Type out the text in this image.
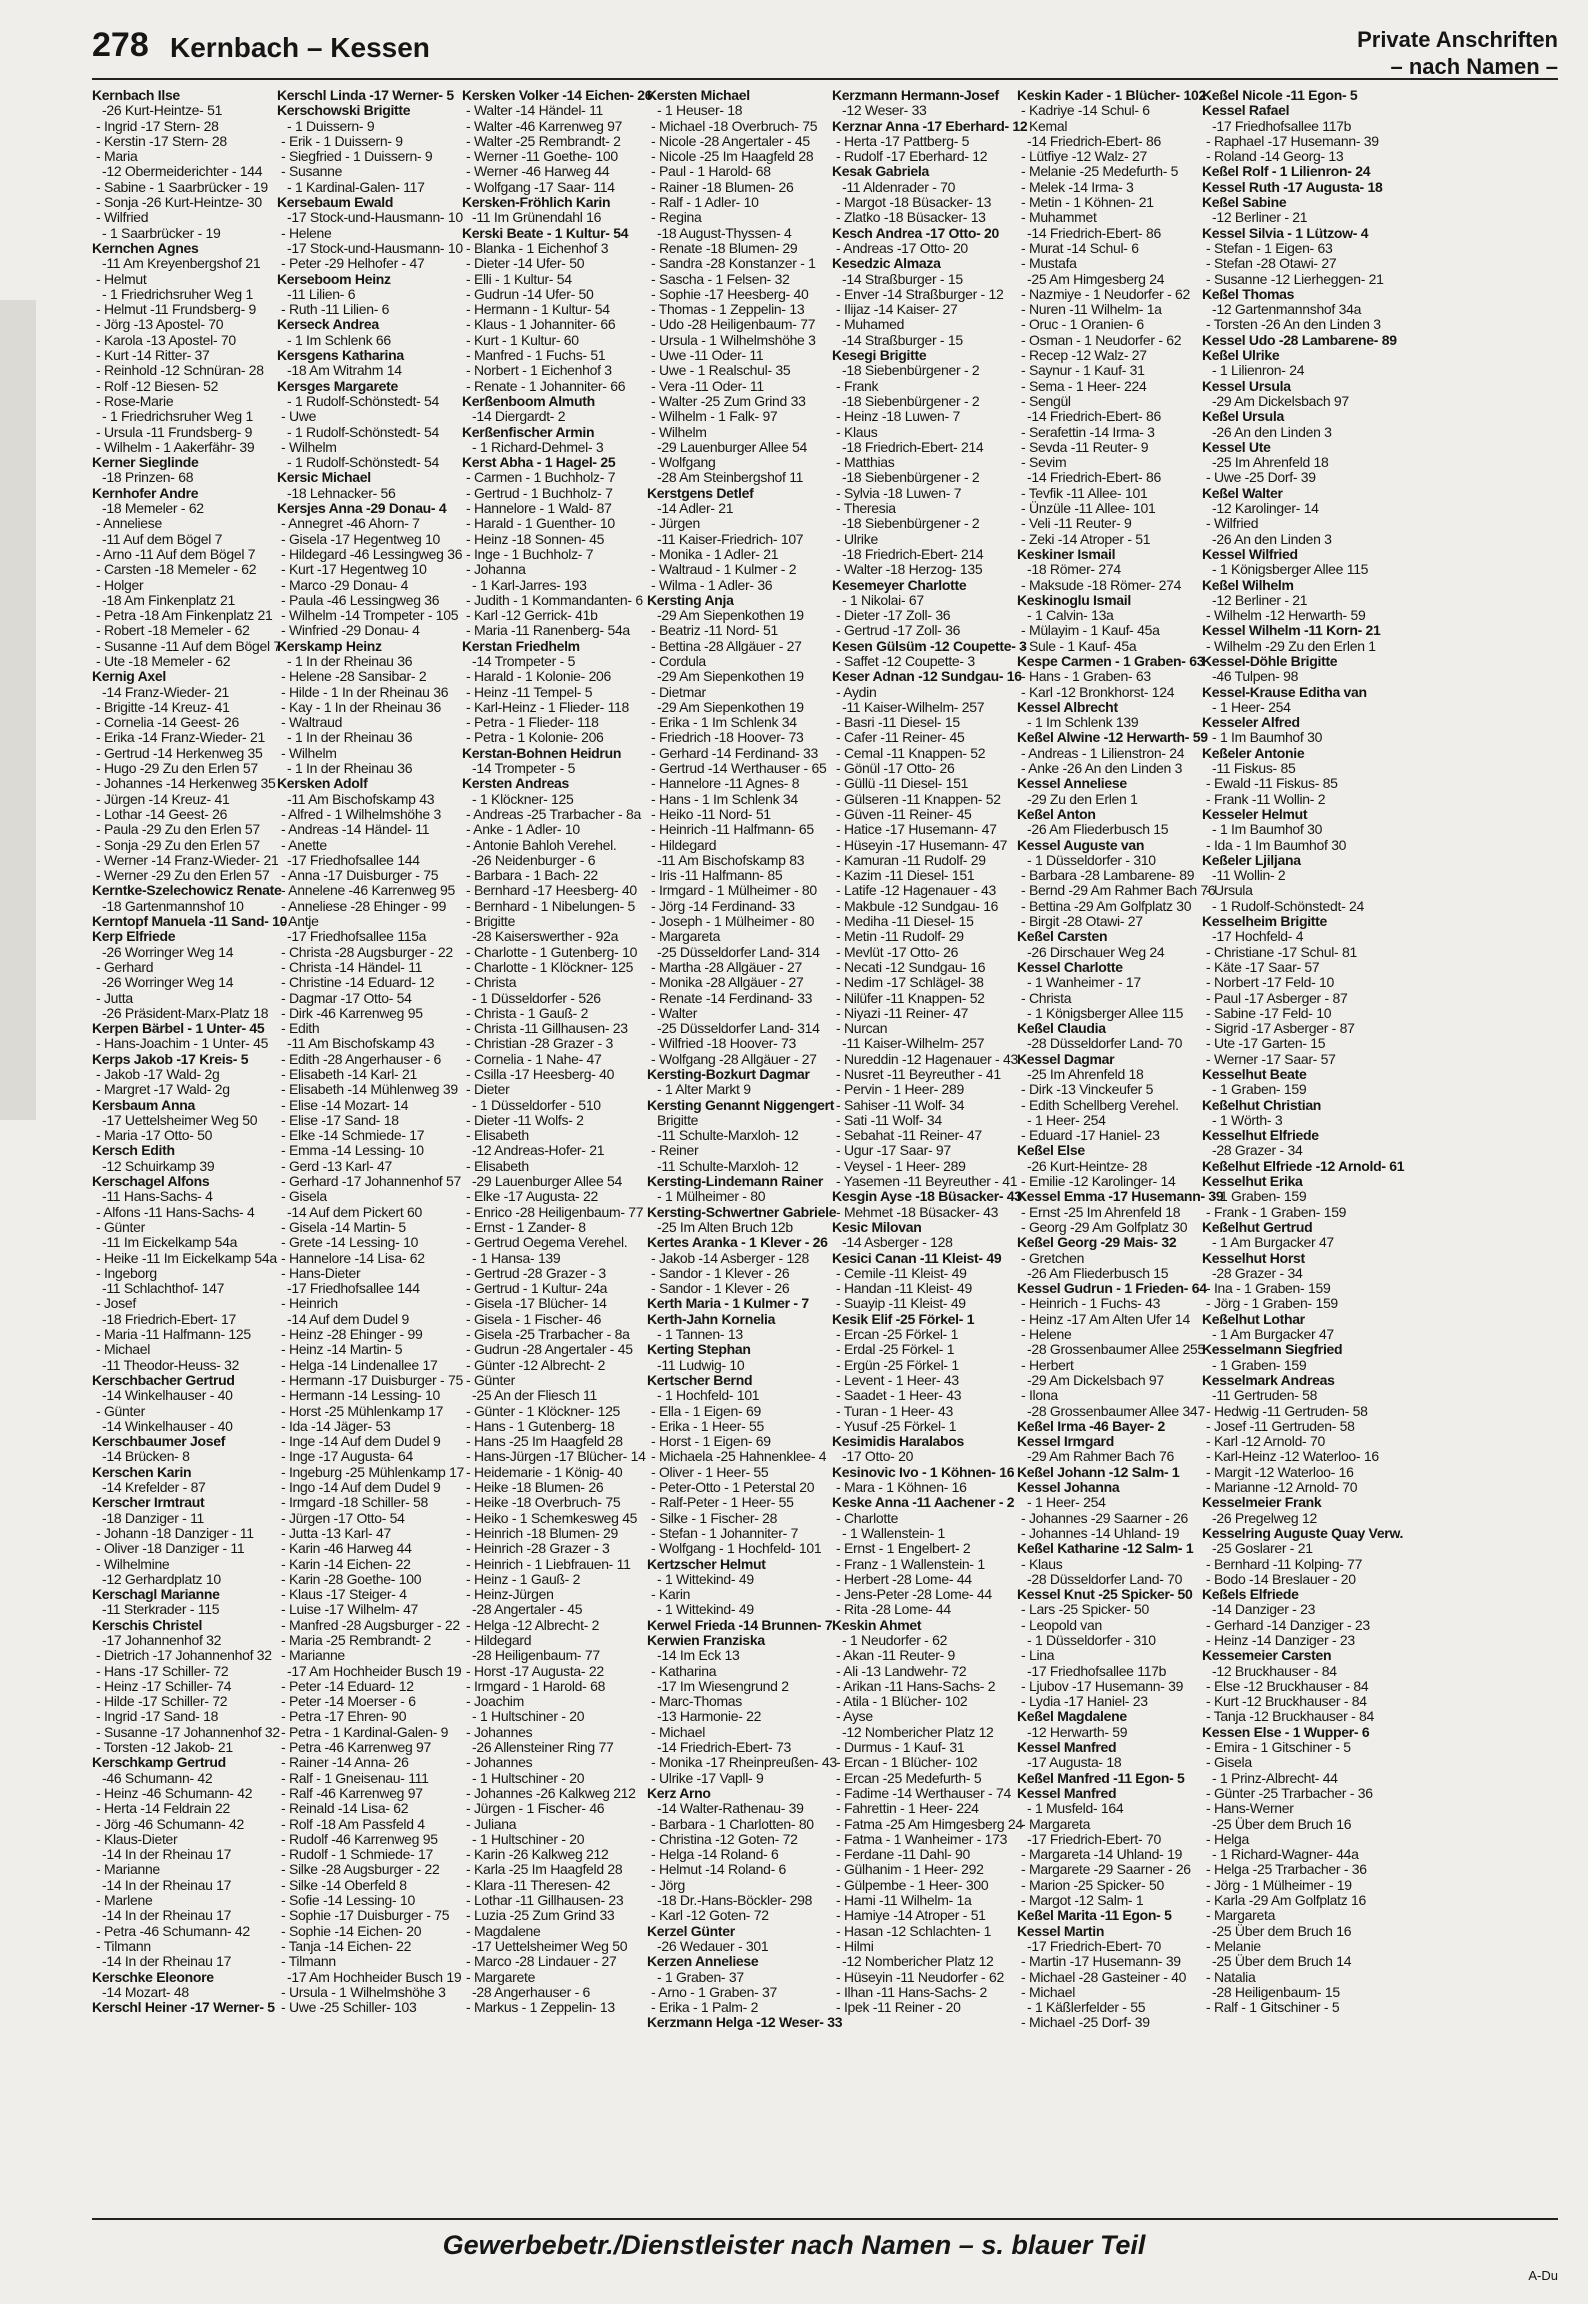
278 Kernbach – Kessen	Private Anschriften
– nach Namen –
Kernbach Ilse
-26 Kurt-Heintze- 51
- Ingrid -17 Stern- 28
- Kerstin -17 Stern- 28
- Maria
-12 Obermeiderichter - 144
- Sabine - 1 Saarbrücker - 19
- Sonja -26 Kurt-Heintze- 30
- Wilfried
- 1 Saarbrücker - 19
Kernchen Agnes
-11 Am Kreyenbergshof 21
- Helmut
- 1 Friedrichsruher Weg 1
- Helmut -11 Frundsberg- 9
- Jörg -13 Apostel- 70
- Karola -13 Apostel- 70
- Kurt -14 Ritter- 37
- Reinhold -12 Schnüran- 28
- Rolf -12 Biesen- 52
- Rose-Marie
- 1 Friedrichsruher Weg 1
- Ursula -11 Frundsberg- 9
- Wilhelm - 1 Aakerfähr- 39
Kerner Sieglinde
-18 Prinzen- 68
Kernhofer Andre
-18 Memeler - 62
- Anneliese
-11 Auf dem Bögel 7
- Arno -11 Auf dem Bögel 7
- Carsten -18 Memeler - 62
- Holger
-18 Am Finkenplatz 21
- Petra -18 Am Finkenplatz 21
- Robert -18 Memeler - 62
- Susanne -11 Auf dem Bögel 7
- Ute -18 Memeler - 62
Kernig Axel
-14 Franz-Wieder- 21
- Brigitte -14 Kreuz- 41
- Cornelia -14 Geest- 26
- Erika -14 Franz-Wieder- 21
- Gertrud -14 Herkenweg 35
- Hugo -29 Zu den Erlen 57
- Johannes -14 Herkenweg 35
- Jürgen -14 Kreuz- 41
- Lothar -14 Geest- 26
- Paula -29 Zu den Erlen 57
- Sonja -29 Zu den Erlen 57
- Werner -14 Franz-Wieder- 21
- Werner -29 Zu den Erlen 57
Kerntke-Szelechowicz Renate
-18 Gartenmannshof 10
Kerntopf Manuela -11 Sand- 10
Kerp Elfriede
-26 Worringer Weg 14
- Gerhard
-26 Worringer Weg 14
- Jutta
-26 Präsident-Marx-Platz 18
Kerpen Bärbel - 1 Unter- 45
- Hans-Joachim - 1 Unter- 45
Kerps Jakob -17 Kreis- 5
- Jakob -17 Wald- 2g
- Margret -17 Wald- 2g
Kersbaum Anna
-17 Uettelsheimer Weg 50
- Maria -17 Otto- 50
Kersch Edith
-12 Schuirkamp 39
Kerschagel Alfons
-11 Hans-Sachs- 4
- Alfons -11 Hans-Sachs- 4
- Günter
-11 Im Eickelkamp 54a
- Heike -11 Im Eickelkamp 54a
- Ingeborg
-11 Schlachthof- 147
- Josef
-18 Friedrich-Ebert- 17
- Maria -11 Halfmann- 125
- Michael
-11 Theodor-Heuss- 32
Kerschbacher Gertrud
-14 Winkelhauser - 40
- Günter
-14 Winkelhauser - 40
Kerschbaumer Josef
-14 Brücken- 8
Kerschen Karin
-14 Krefelder - 87
Kerscher Irmtraut
-18 Danziger - 11
- Johann -18 Danziger - 11
- Oliver -18 Danziger - 11
- Wilhelmine
-12 Gerhardplatz 10
Kerschagl Marianne
-11 Sterkrader - 115
Kerschis Christel
-17 Johannenhof 32
- Dietrich -17 Johannenhof 32
- Hans -17 Schiller- 72
- Heinz -17 Schiller- 74
- Hilde -17 Schiller- 72
- Ingrid -17 Sand- 18
- Susanne -17 Johannenhof 32
- Torsten -12 Jakob- 21
Kerschkamp Gertrud
-46 Schumann- 42
- Heinz -46 Schumann- 42
- Herta -14 Feldrain 22
- Jörg -46 Schumann- 42
- Klaus-Dieter
-14 In der Rheinau 17
- Marianne
-14 In der Rheinau 17
- Marlene
-14 In der Rheinau 17
- Petra -46 Schumann- 42
- Tilmann
-14 In der Rheinau 17
Kerschke Eleonore
-14 Mozart- 48
Kerschl Heiner -17 Werner- 5
Kerschl Linda -17 Werner- 5
Kerschowski Brigitte
- 1 Duissern- 9
- Erik - 1 Duissern- 9
- Siegfried - 1 Duissern- 9
- Susanne
- 1 Kardinal-Galen- 117
Kersebaum Ewald
-17 Stock-und-Hausmann- 10
- Helene
-17 Stock-und-Hausmann- 10
- Peter -29 Helhofer - 47
Kerseboom Heinz
-11 Lilien- 6
- Ruth -11 Lilien- 6
Kerseck Andrea
- 1 Im Schlenk 66
Kersgens Katharina
-18 Am Witrahm 14
Kersges Margarete
- 1 Rudolf-Schönstedt- 54
- Uwe
- 1 Rudolf-Schönstedt- 54
- Wilhelm
- 1 Rudolf-Schönstedt- 54
Kersic Michael
-18 Lehnacker- 56
Kersjes Anna -29 Donau- 4
- Annegret -46 Ahorn- 7
- Gisela -17 Hegentweg 10
- Hildegard -46 Lessingweg 36
- Kurt -17 Hegentweg 10
- Marco -29 Donau- 4
- Paula -46 Lessingweg 36
- Wilhelm -14 Trompeter - 105
- Winfried -29 Donau- 4
Kerskamp Heinz
- 1 In der Rheinau 36
- Helene -28 Sansibar- 2
- Hilde - 1 In der Rheinau 36
- Kay - 1 In der Rheinau 36
- Waltraud
- 1 In der Rheinau 36
- Wilhelm
- 1 In der Rheinau 36
Kersken Adolf
-11 Am Bischofskamp 43
- Alfred - 1 Wilhelmshöhe 3
- Andreas -14 Händel- 11
- Anette
-17 Friedhofsallee 144
- Anna -17 Duisburger - 75
- Annelene -46 Karrenweg 95
- Anneliese -28 Ehinger - 99
- Antje
-17 Friedhofsallee 115a
- Christa -28 Augsburger - 22
- Christa -14 Händel- 11
- Christine -14 Eduard- 12
- Dagmar -17 Otto- 54
- Dirk -46 Karrenweg 95
- Edith
-11 Am Bischofskamp 43
- Edith -28 Angerhauser - 6
- Elisabeth -14 Karl- 21
- Elisabeth -14 Mühlenweg 39
- Elise -14 Mozart- 14
- Elise -17 Sand- 18
- Elke -14 Schmiede- 17
- Emma -14 Lessing- 10
- Gerd -13 Karl- 47
- Gerhard -17 Johannenhof 57
- Gisela
-14 Auf dem Pickert 60
- Gisela -14 Martin- 5
- Grete -14 Lessing- 10
- Hannelore -14 Lisa- 62
- Hans-Dieter
-17 Friedhofsallee 144
- Heinrich
-14 Auf dem Dudel 9
- Heinz -28 Ehinger - 99
- Heinz -14 Martin- 5
- Helga -14 Lindenallee 17
- Hermann -17 Duisburger - 75
- Hermann -14 Lessing- 10
- Horst -25 Mühlenkamp 17
- Ida -14 Jäger- 53
- Inge -14 Auf dem Dudel 9
- Inge -17 Augusta- 64
- Ingeburg -25 Mühlenkamp 17
- Ingo -14 Auf dem Dudel 9
- Irmgard -18 Schiller- 58
- Jürgen -17 Otto- 54
- Jutta -13 Karl- 47
- Karin -46 Harweg 44
- Karin -14 Eichen- 22
- Karin -28 Goethe- 100
- Klaus -17 Steiger- 4
- Luise -17 Wilhelm- 47
- Manfred -28 Augsburger - 22
- Maria -25 Rembrandt- 2
- Marianne
-17 Am Hochheider Busch 19
- Peter -14 Eduard- 12
- Peter -14 Moerser - 6
- Petra -17 Ehren- 90
- Petra - 1 Kardinal-Galen- 9
- Petra -46 Karrenweg 97
- Rainer -14 Anna- 26
- Ralf - 1 Gneisenau- 111
- Ralf -46 Karrenweg 97
- Reinald -14 Lisa- 62
- Rolf -18 Am Passfeld 4
- Rudolf -46 Karrenweg 95
- Rudolf - 1 Schmiede- 17
- Silke -28 Augsburger - 22
- Silke -14 Oberfeld 8
- Sofie -14 Lessing- 10
- Sophie -17 Duisburger - 75
- Sophie -14 Eichen- 20
- Tanja -14 Eichen- 22
- Tilmann
-17 Am Hochheider Busch 19
- Ursula - 1 Wilhelmshöhe 3
- Uwe -25 Schiller- 103
Kersken Volker -14 Eichen- 26
- Walter -14 Händel- 11
- Walter -46 Karrenweg 97
- Walter -25 Rembrandt- 2
- Werner -11 Goethe- 100
- Werner -46 Harweg 44
- Wolfgang -17 Saar- 114
Kersken-Fröhlich Karin
-11 Im Grünendahl 16
Kerski Beate - 1 Kultur- 54
- Blanka - 1 Eichenhof 3
- Dieter -14 Ufer- 50
- Elli - 1 Kultur- 54
- Gudrun -14 Ufer- 50
- Hermann - 1 Kultur- 54
- Klaus - 1 Johanniter- 66
- Kurt - 1 Kultur- 60
- Manfred - 1 Fuchs- 51
- Norbert - 1 Eichenhof 3
- Renate - 1 Johanniter- 66
Kerßenboom Almuth
-14 Diergardt- 2
Kerßenfischer Armin
- 1 Richard-Dehmel- 3
Kerst Abha - 1 Hagel- 25
- Carmen - 1 Buchholz- 7
- Gertrud - 1 Buchholz- 7
- Hannelore - 1 Wald- 87
- Harald - 1 Guenther- 10
- Heinz -18 Sonnen- 45
- Inge - 1 Buchholz- 7
- Johanna
- 1 Karl-Jarres- 193
- Judith - 1 Kommandanten- 6
- Karl -12 Gerrick- 41b
- Maria -11 Ranenberg- 54a
Kerstan Friedhelm
-14 Trompeter - 5
- Harald - 1 Kolonie- 206
- Heinz -11 Tempel- 5
- Karl-Heinz - 1 Flieder- 118
- Petra - 1 Flieder- 118
- Petra - 1 Kolonie- 206
Kerstan-Bohnen Heidrun
-14 Trompeter - 5
Kersten Andreas
- 1 Klöckner- 125
- Andreas -25 Trarbacher - 8a
- Anke - 1 Adler- 10
- Antonie Bahloh Verehel.
-26 Neidenburger - 6
- Barbara - 1 Bach- 22
- Bernhard -17 Heesberg- 40
- Bernhard - 1 Nibelungen- 5
- Brigitte
-28 Kaiserswerther - 92a
- Charlotte - 1 Gutenberg- 10
- Charlotte - 1 Klöckner- 125
- Christa
- 1 Düsseldorfer - 526
- Christa - 1 Gauß- 2
- Christa -11 Gillhausen- 23
- Christian -28 Grazer - 3
- Cornelia - 1 Nahe- 47
- Csilla -17 Heesberg- 40
- Dieter
- 1 Düsseldorfer - 510
- Dieter -11 Wolfs- 2
- Elisabeth
-12 Andreas-Hofer- 21
- Elisabeth
-29 Lauenburger Allee 54
- Elke -17 Augusta- 22
- Enrico -28 Heiligenbaum- 77
- Ernst - 1 Zander- 8
- Gertrud Oegema Verehel.
- 1 Hansa- 139
- Gertrud -28 Grazer - 3
- Gertrud - 1 Kultur- 24a
- Gisela -17 Blücher- 14
- Gisela - 1 Fischer- 46
- Gisela -25 Trarbacher - 8a
- Gudrun -28 Angertaler - 45
- Günter -12 Albrecht- 2
- Günter
-25 An der Fliesch 11
- Günter - 1 Klöckner- 125
- Hans - 1 Gutenberg- 18
- Hans -25 Im Haagfeld 28
- Hans-Jürgen -17 Blücher- 14
- Heidemarie - 1 König- 40
- Heike -18 Blumen- 26
- Heike -18 Overbruch- 75
- Heiko - 1 Schemkesweg 45
- Heinrich -18 Blumen- 29
- Heinrich -28 Grazer - 3
- Heinrich - 1 Liebfrauen- 11
- Heinz - 1 Gauß- 2
- Heinz-Jürgen
-28 Angertaler - 45
- Helga -12 Albrecht- 2
- Hildegard
-28 Heiligenbaum- 77
- Horst -17 Augusta- 22
- Irmgard - 1 Harold- 68
- Joachim
- 1 Hultschiner - 20
- Johannes
-26 Allensteiner Ring 77
- Johannes
- 1 Hultschiner - 20
- Johannes -26 Kalkweg 212
- Jürgen - 1 Fischer- 46
- Juliana
- 1 Hultschiner - 20
- Karin -26 Kalkweg 212
- Karla -25 Im Haagfeld 28
- Klara -11 Theresen- 42
- Lothar -11 Gillhausen- 23
- Luzia -25 Zum Grind 33
- Magdalene
-17 Uettelsheimer Weg 50
- Marco -28 Lindauer - 27
- Margarete
-28 Angerhauser - 6
- Markus - 1 Zeppelin- 13
Kersten Michael
- 1 Heuser- 18
- Michael -18 Overbruch- 75
- Nicole -28 Angertaler - 45
- Nicole -25 Im Haagfeld 28
- Paul - 1 Harold- 68
- Rainer -18 Blumen- 26
- Ralf - 1 Adler- 10
- Regina
-18 August-Thyssen- 4
- Renate -18 Blumen- 29
- Sandra -28 Konstanzer - 1
- Sascha - 1 Felsen- 32
- Sophie -17 Heesberg- 40
- Thomas - 1 Zeppelin- 13
- Udo -28 Heiligenbaum- 77
- Ursula - 1 Wilhelmshöhe 3
- Uwe -11 Oder- 11
- Uwe - 1 Realschul- 35
- Vera -11 Oder- 11
- Walter -25 Zum Grind 33
- Wilhelm - 1 Falk- 97
- Wilhelm
-29 Lauenburger Allee 54
- Wolfgang
-28 Am Steinbergshof 11
Kerstgens Detlef
-14 Adler- 21
- Jürgen
-11 Kaiser-Friedrich- 107
- Monika - 1 Adler- 21
- Waltraud - 1 Kulmer - 2
- Wilma - 1 Adler- 36
Kersting Anja
-29 Am Siepenkothen 19
- Beatriz -11 Nord- 51
- Bettina -28 Allgäuer - 27
- Cordula
-29 Am Siepenkothen 19
- Dietmar
-29 Am Siepenkothen 19
- Erika - 1 Im Schlenk 34
- Friedrich -18 Hoover- 73
- Gerhard -14 Ferdinand- 33
- Gertrud -14 Werthauser - 65
- Hannelore -11 Agnes- 8
- Hans - 1 Im Schlenk 34
- Heiko -11 Nord- 51
- Heinrich -11 Halfmann- 65
- Hildegard
-11 Am Bischofskamp 83
- Iris -11 Halfmann- 85
- Irmgard - 1 Mülheimer - 80
- Jörg -14 Ferdinand- 33
- Joseph - 1 Mülheimer - 80
- Margareta
-25 Düsseldorfer Land- 314
- Martha -28 Allgäuer - 27
- Monika -28 Allgäuer - 27
- Renate -14 Ferdinand- 33
- Walter
-25 Düsseldorfer Land- 314
- Wilfried -18 Hoover- 73
- Wolfgang -28 Allgäuer - 27
Kersting-Bozkurt Dagmar
- 1 Alter Markt 9
Kersting Genannt Niggengert
Brigitte
-11 Schulte-Marxloh- 12
- Reiner
-11 Schulte-Marxloh- 12
Kersting-Lindemann Rainer
- 1 Mülheimer - 80
Kersting-Schwertner Gabriele
-25 Im Alten Bruch 12b
Kertes Aranka - 1 Klever - 26
- Jakob -14 Asberger - 128
- Sandor - 1 Klever - 26
- Sandor - 1 Klever - 26
Kerth Maria - 1 Kulmer - 7
Kerth-Jahn Kornelia
- 1 Tannen- 13
Kerting Stephan
-11 Ludwig- 10
Kertscher Bernd
- 1 Hochfeld- 101
- Ella - 1 Eigen- 69
- Erika - 1 Heer- 55
- Horst - 1 Eigen- 69
- Michaela -25 Hahnenklee- 4
- Oliver - 1 Heer- 55
- Peter-Otto - 1 Peterstal 20
- Ralf-Peter - 1 Heer- 55
- Silke - 1 Fischer- 28
- Stefan - 1 Johanniter- 7
- Wolfgang - 1 Hochfeld- 101
Kertzscher Helmut
- 1 Wittekind- 49
- Karin
- 1 Wittekind- 49
Kerwel Frieda -14 Brunnen- 7
Kerwien Franziska
-14 Im Eck 13
- Katharina
-17 Im Wiesengrund 2
- Marc-Thomas
-13 Harmonie- 22
- Michael
-14 Friedrich-Ebert- 73
- Monika -17 Rheinpreußen- 43
- Ulrike -17 Vapll- 9
Kerz Arno
-14 Walter-Rathenau- 39
- Barbara - 1 Charlotten- 80
- Christina -12 Goten- 72
- Helga -14 Roland- 6
- Helmut -14 Roland- 6
- Jörg
-18 Dr.-Hans-Böckler- 298
- Karl -12 Goten- 72
Kerzel Günter
-26 Wedauer - 301
Kerzen Anneliese
- 1 Graben- 37
- Arno - 1 Graben- 37
- Erika - 1 Palm- 2
Kerzmann Helga -12 Weser- 33
Kerzmann Hermann-Josef
-12 Weser- 33
Kerznar Anna -17 Eberhard- 12
- Herta -17 Pattberg- 5
- Rudolf -17 Eberhard- 12
Kesak Gabriela
-11 Aldenrader - 70
- Margot -18 Büsacker- 13
- Zlatko -18 Büsacker- 13
Kesch Andrea -17 Otto- 20
- Andreas -17 Otto- 20
Kesedzic Almaza
-14 Straßburger - 15
- Enver -14 Straßburger - 12
- Ilijaz -14 Kaiser- 27
- Muhamed
-14 Straßburger - 15
Kesegi Brigitte
-18 Siebenbürgener - 2
- Frank
-18 Siebenbürgener - 2
- Heinz -18 Luwen- 7
- Klaus
-18 Friedrich-Ebert- 214
- Matthias
-18 Siebenbürgener - 2
- Sylvia -18 Luwen- 7
- Theresia
-18 Siebenbürgener - 2
- Ulrike
-18 Friedrich-Ebert- 214
- Walter -18 Herzog- 135
Kesemeyer Charlotte
- 1 Nikolai- 67
- Dieter -17 Zoll- 36
- Gertrud -17 Zoll- 36
Kesen Gülsüm -12 Coupette- 3
- Saffet -12 Coupette- 3
Keser Adnan -12 Sundgau- 16
- Aydin
-11 Kaiser-Wilhelm- 257
- Basri -11 Diesel- 15
- Cafer -11 Reiner- 45
- Cemal -11 Knappen- 52
- Gönül -17 Otto- 26
- Güllü -11 Diesel- 151
- Gülseren -11 Knappen- 52
- Güven -11 Reiner- 45
- Hatice -17 Husemann- 47
- Hüseyin -17 Husemann- 47
- Kamuran -11 Rudolf- 29
- Kazim -11 Diesel- 151
- Latife -12 Hagenauer - 43
- Makbule -12 Sundgau- 16
- Mediha -11 Diesel- 15
- Metin -11 Rudolf- 29
- Mevlüt -17 Otto- 26
- Necati -12 Sundgau- 16
- Nedim -17 Schlägel- 38
- Nilüfer -11 Knappen- 52
- Niyazi -11 Reiner- 47
- Nurcan
-11 Kaiser-Wilhelm- 257
- Nureddin -12 Hagenauer - 43
- Nusret -11 Beyreuther - 41
- Pervin - 1 Heer- 289
- Sahiser -11 Wolf- 34
- Sati -11 Wolf- 34
- Sebahat -11 Reiner- 47
- Ugur -17 Saar- 97
- Veysel - 1 Heer- 289
- Yasemen -11 Beyreuther - 41
Kesgin Ayse -18 Büsacker- 43
- Mehmet -18 Büsacker- 43
Kesic Milovan
-14 Asberger - 128
Kesici Canan -11 Kleist- 49
- Cemile -11 Kleist- 49
- Handan -11 Kleist- 49
- Suayip -11 Kleist- 49
Kesik Elif -25 Förkel- 1
- Ercan -25 Förkel- 1
- Erdal -25 Förkel- 1
- Ergün -25 Förkel- 1
- Levent - 1 Heer- 43
- Saadet - 1 Heer- 43
- Turan - 1 Heer- 43
- Yusuf -25 Förkel- 1
Kesimidis Haralabos
-17 Otto- 20
Kesinovic Ivo - 1 Köhnen- 16
- Mara - 1 Köhnen- 16
Keske Anna -11 Aachener - 2
- Charlotte
- 1 Wallenstein- 1
- Ernst - 1 Engelbert- 2
- Franz - 1 Wallenstein- 1
- Herbert -28 Lome- 44
- Jens-Peter -28 Lome- 44
- Rita -28 Lome- 44
Keskin Ahmet
- 1 Neudorfer - 62
- Akan -11 Reuter- 9
- Ali -13 Landwehr- 72
- Arikan -11 Hans-Sachs- 2
- Atila - 1 Blücher- 102
- Ayse
-12 Nombericher Platz 12
- Durmus - 1 Kauf- 31
- Ercan - 1 Blücher- 102
- Ercan -25 Medefurth- 5
- Fadime -14 Werthauser - 74
- Fahrettin - 1 Heer- 224
- Fatma -25 Am Himgesberg 24
- Fatma - 1 Wanheimer - 173
- Ferdane -11 Dahl- 90
- Gülhanim - 1 Heer- 292
- Gülpembe - 1 Heer- 300
- Hami -11 Wilhelm- 1a
- Hamiye -14 Atroper - 51
- Hasan -12 Schlachten- 1
- Hilmi
-12 Nombericher Platz 12
- Hüseyin -11 Neudorfer - 62
- Ilhan -11 Hans-Sachs- 2
- Ipek -11 Reiner - 20
Keskin Kader - 1 Blücher- 102
- Kadriye -14 Schul- 6
- Kemal
-14 Friedrich-Ebert- 86
- Lütfiye -12 Walz- 27
- Melanie -25 Medefurth- 5
- Melek -14 Irma- 3
- Metin - 1 Köhnen- 21
- Muhammet
-14 Friedrich-Ebert- 86
- Murat -14 Schul- 6
- Mustafa
-25 Am Himgesberg 24
- Nazmiye - 1 Neudorfer - 62
- Nuren -11 Wilhelm- 1a
- Oruc - 1 Oranien- 6
- Osman - 1 Neudorfer - 62
- Recep -12 Walz- 27
- Saynur - 1 Kauf- 31
- Sema - 1 Heer- 224
- Sengül
-14 Friedrich-Ebert- 86
- Serafettin -14 Irma- 3
- Sevda -11 Reuter- 9
- Sevim
-14 Friedrich-Ebert- 86
- Tevfik -11 Allee- 101
- Ünzüle -11 Allee- 101
- Veli -11 Reuter- 9
- Zeki -14 Atroper - 51
Keskiner Ismail
-18 Römer- 274
- Maksude -18 Römer- 274
Keskinoglu Ismail
- 1 Calvin- 13a
- Mülayim - 1 Kauf- 45a
- Sule - 1 Kauf- 45a
Kespe Carmen - 1 Graben- 63
- Hans - 1 Graben- 63
- Karl -12 Bronkhorst- 124
Kessel Albrecht
- 1 Im Schlenk 139
Keßel Alwine -12 Herwarth- 59
- Andreas - 1 Lilienstron- 24
- Anke -26 An den Linden 3
Kessel Anneliese
-29 Zu den Erlen 1
Keßel Anton
-26 Am Fliederbusch 15
Kessel Auguste van
- 1 Düsseldorfer - 310
- Barbara -28 Lambarene- 89
- Bernd -29 Am Rahmer Bach 76
- Bettina -29 Am Golfplatz 30
- Birgit -28 Otawi- 27
Keßel Carsten
-26 Dirschauer Weg 24
Kessel Charlotte
- 1 Wanheimer - 17
- Christa
- 1 Königsberger Allee 115
Keßel Claudia
-28 Düsseldorfer Land- 70
Kessel Dagmar
-25 Im Ahrenfeld 18
- Dirk -13 Vinckeufer 5
- Edith Schellberg Verehel.
- 1 Heer- 254
- Eduard -17 Haniel- 23
Keßel Else
-26 Kurt-Heintze- 28
- Emilie -12 Karolinger- 14
Kessel Emma -17 Husemann- 39
- Ernst -25 Im Ahrenfeld 18
- Georg -29 Am Golfplatz 30
Keßel Georg -29 Mais- 32
- Gretchen
-26 Am Fliederbusch 15
Kessel Gudrun - 1 Frieden- 64
- Heinrich - 1 Fuchs- 43
- Heinz -17 Am Alten Ufer 14
- Helene
-28 Grossenbaumer Allee 255
- Herbert
-29 Am Dickelsbach 97
- Ilona
-28 Grossenbaumer Allee 347
Keßel Irma -46 Bayer- 2
Kessel Irmgard
-29 Am Rahmer Bach 76
Keßel Johann -12 Salm- 1
Kessel Johanna
- 1 Heer- 254
- Johannes -29 Saarner - 26
- Johannes -14 Uhland- 19
Keßel Katharine -12 Salm- 1
- Klaus
-28 Düsseldorfer Land- 70
Kessel Knut -25 Spicker- 50
- Lars -25 Spicker- 50
- Leopold van
- 1 Düsseldorfer - 310
- Lina
-17 Friedhofsallee 117b
- Ljubov -17 Husemann- 39
- Lydia -17 Haniel- 23
Keßel Magdalene
-12 Herwarth- 59
Kessel Manfred
-17 Augusta- 18
Keßel Manfred -11 Egon- 5
Kessel Manfred
- 1 Musfeld- 164
- Margareta
-17 Friedrich-Ebert- 70
- Margareta -14 Uhland- 19
- Margarete -29 Saarner - 26
- Marion -25 Spicker- 50
- Margot -12 Salm- 1
Keßel Marita -11 Egon- 5
Kessel Martin
-17 Friedrich-Ebert- 70
- Martin -17 Husemann- 39
- Michael -28 Gasteiner - 40
- Michael
- 1 Käßlerfelder - 55
- Michael -25 Dorf- 39
Keßel Nicole -11 Egon- 5
Kessel Rafael
-17 Friedhofsallee 117b
- Raphael -17 Husemann- 39
- Roland -14 Georg- 13
Keßel Rolf - 1 Lilienron- 24
Kessel Ruth -17 Augusta- 18
Keßel Sabine
-12 Berliner - 21
Kessel Silvia - 1 Lützow- 4
- Stefan - 1 Eigen- 63
- Stefan -28 Otawi- 27
- Susanne -12 Lierheggen- 21
Keßel Thomas
-12 Gartenmannshof 34a
- Torsten -26 An den Linden 3
Kessel Udo -28 Lambarene- 89
Keßel Ulrike
- 1 Lilienron- 24
Kessel Ursula
-29 Am Dickelsbach 97
Keßel Ursula
-26 An den Linden 3
Kessel Ute
-25 Im Ahrenfeld 18
- Uwe -25 Dorf- 39
Keßel Walter
-12 Karolinger- 14
- Wilfried
-26 An den Linden 3
Kessel Wilfried
- 1 Königsberger Allee 115
Keßel Wilhelm
-12 Berliner - 21
- Wilhelm -12 Herwarth- 59
Kessel Wilhelm -11 Korn- 21
- Wilhelm -29 Zu den Erlen 1
Kessel-Döhle Brigitte
-46 Tulpen- 98
Kessel-Krause Editha van
- 1 Heer- 254
Kesseler Alfred
- 1 Im Baumhof 30
Keßeler Antonie
-11 Fiskus- 85
- Ewald -11 Fiskus- 85
- Frank -11 Wollin- 2
Kesseler Helmut
- 1 Im Baumhof 30
- Ida - 1 Im Baumhof 30
Keßeler Ljiljana
-11 Wollin- 2
- Ursula
- 1 Rudolf-Schönstedt- 24
Kesselheim Brigitte
-17 Hochfeld- 4
- Christiane -17 Schul- 81
- Käte -17 Saar- 57
- Norbert -17 Feld- 10
- Paul -17 Asberger - 87
- Sabine -17 Feld- 10
- Sigrid -17 Asberger - 87
- Ute -17 Garten- 15
- Werner -17 Saar- 57
Kesselhut Beate
- 1 Graben- 159
Keßelhut Christian
- 1 Wörth- 3
Kesselhut Elfriede
-28 Grazer - 34
Keßelhut Elfriede -12 Arnold- 61
Kesselhut Erika
- 1 Graben- 159
- Frank - 1 Graben- 159
Keßelhut Gertrud
- 1 Am Burgacker 47
Kesselhut Horst
-28 Grazer - 34
- Ina - 1 Graben- 159
- Jörg - 1 Graben- 159
Keßelhut Lothar
- 1 Am Burgacker 47
Kesselmann Siegfried
- 1 Graben- 159
Kesselmark Andreas
-11 Gertruden- 58
- Hedwig -11 Gertruden- 58
- Josef -11 Gertruden- 58
- Karl -12 Arnold- 70
- Karl-Heinz -12 Waterloo- 16
- Margit -12 Waterloo- 16
- Marianne -12 Arnold- 70
Kesselmeier Frank
-26 Pregelweg 12
Kesselring Auguste Quay Verw.
-25 Goslarer - 21
- Bernhard -11 Kolping- 77
- Bodo -14 Breslauer - 20
Keßels Elfriede
-14 Danziger - 23
- Gerhard -14 Danziger - 23
- Heinz -14 Danziger - 23
Kessemeier Carsten
-12 Bruckhauser - 84
- Else -12 Bruckhauser - 84
- Kurt -12 Bruckhauser - 84
- Tanja -12 Bruckhauser - 84
Kessen Else - 1 Wupper- 6
- Emira - 1 Gitschiner - 5
- Gisela
- 1 Prinz-Albrecht- 44
- Günter -25 Trarbacher - 36
- Hans-Werner
-25 Über dem Bruch 16
- Helga
- 1 Richard-Wagner- 44a
- Helga -25 Trarbacher - 36
- Jörg - 1 Mülheimer - 19
- Karla -29 Am Golfplatz 16
- Margareta
-25 Über dem Bruch 16
- Melanie
-25 Über dem Bruch 14
- Natalia
-28 Heiligenbaum- 15
- Ralf - 1 Gitschiner - 5
Gewerbebetr./Dienstleister nach Namen – s. blauer Teil
A-Du
